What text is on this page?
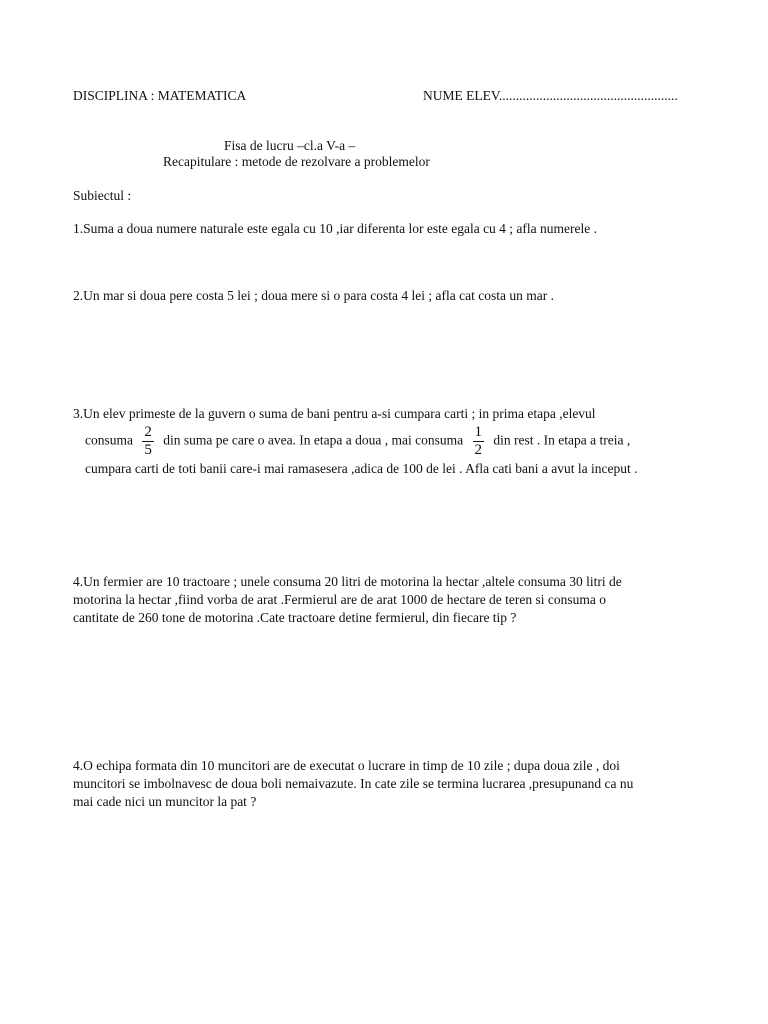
DISCIPLINA : MATEMATICA	NUME ELEV.....................................................
Fisa de lucru –cl.a V-a –
Recapitulare : metode de rezolvare a problemelor
Subiectul :
1.Suma a doua numere naturale este egala cu 10 ,iar diferenta lor este egala cu 4 ; afla numerele .
2.Un mar si doua pere costa 5 lei ; doua mere si o para costa 4 lei ; afla cat costa un mar .
3.Un elev primeste de la guvern o suma de bani pentru a-si cumpara carti ; in prima etapa ,elevul
consuma $\frac{2}{5}$ din suma pe care o avea. In etapa a doua , mai consuma $\frac{1}{2}$ din rest . In etapa a treia ,
cumpara carti de toti banii care-i mai ramasesera ,adica de 100 de lei . Afla cati bani a avut la inceput .
4.Un fermier are 10 tractoare ; unele consuma 20 litri de motorina la hectar ,altele consuma 30 litri de
motorina la hectar ,fiind vorba de arat .Fermierul are de arat 1000 de hectare de teren si consuma o
cantitate de 260 tone de motorina .Cate tractoare detine fermierul, din fiecare tip ?
4.O echipa formata din 10 muncitori are de executat o lucrare in timp de 10 zile ; dupa doua zile , doi
muncitori se imbolnavesc de doua boli nemaivazute. In cate zile se termina lucrarea ,presupunand ca nu
mai cade nici un muncitor la pat ?
